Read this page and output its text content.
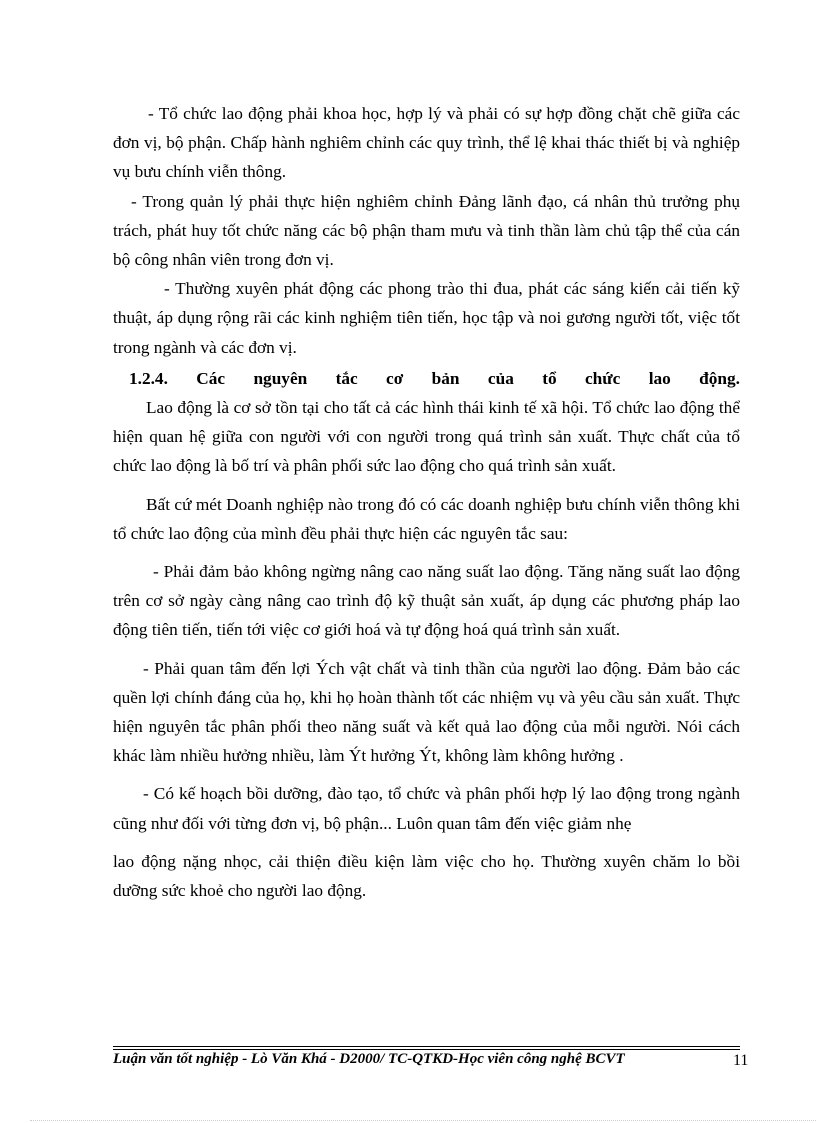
- Tổ chức lao động phải khoa học, hợp lý và phải có sự hợp đồng chặt chẽ giữa các đơn vị, bộ phận. Chấp hành nghiêm chỉnh các quy trình, thể lệ khai thác thiết bị và nghiệp vụ bưu chính viễn thông.

- Trong quản lý phải thực hiện nghiêm chỉnh Đảng lãnh đạo, cá nhân thủ trưởng phụ trách, phát huy tốt chức năng các bộ phận tham mưu và tinh thần làm chủ tập thể của cán bộ công nhân viên trong đơn vị.

- Thường xuyên phát động các phong trào thi đua, phát các sáng kiến cải tiến kỹ thuật, áp dụng rộng rãi các kinh nghiệm tiên tiến, học tập và noi gương người tốt, việc tốt trong ngành và các đơn vị.

1.2.4. Các nguyên tắc cơ bản của tổ chức lao động.

Lao động là cơ sở tồn tại cho tất cả các hình thái kinh tế xã hội. Tổ chức lao động thể hiện quan hệ giữa con người với con người trong quá trình sản xuất. Thực chất của tổ chức lao động là bố trí và phân phối sức lao động cho quá trình sản xuất.

Bất cứ mét Doanh nghiệp nào trong đó có các doanh nghiệp bưu chính viễn thông khi tổ chức lao động của mình đều phải thực hiện các nguyên tắc sau:

- Phải đảm bảo không ngừng nâng cao năng suất lao động. Tăng năng suất lao động trên cơ sở ngày càng nâng cao trình độ kỹ thuật sản xuất, áp dụng các phương pháp lao động tiên tiến, tiến tới việc cơ giới hoá và tự động hoá quá trình sản xuất.

- Phải quan tâm đến lợi Ých vật chất và tinh thần của người lao động. Đảm bảo các quền lợi chính đáng của họ, khi họ hoàn thành tốt các nhiệm vụ và yêu cầu sản xuất. Thực hiện nguyên tắc phân phối theo năng suất và kết quả lao động của mỗi người. Nói cách khác làm nhiều hưởng nhiều, làm Ýt hưởng Ýt, không làm không hưởng .

- Có kế hoạch bồi dưỡng, đào tạo, tổ chức và phân phối hợp lý lao động trong ngành cũng như đối với từng đơn vị, bộ phận... Luôn quan tâm đến việc giảm nhẹ

lao động nặng nhọc, cải thiện điều kiện làm việc cho họ. Thường xuyên chăm lo bồi dưỡng sức khoẻ cho người lao động.

Luận văn tốt nghiệp - Lò Văn Khá - D2000/ TC-QTKD-Học viên công nghệ BCVT	11
